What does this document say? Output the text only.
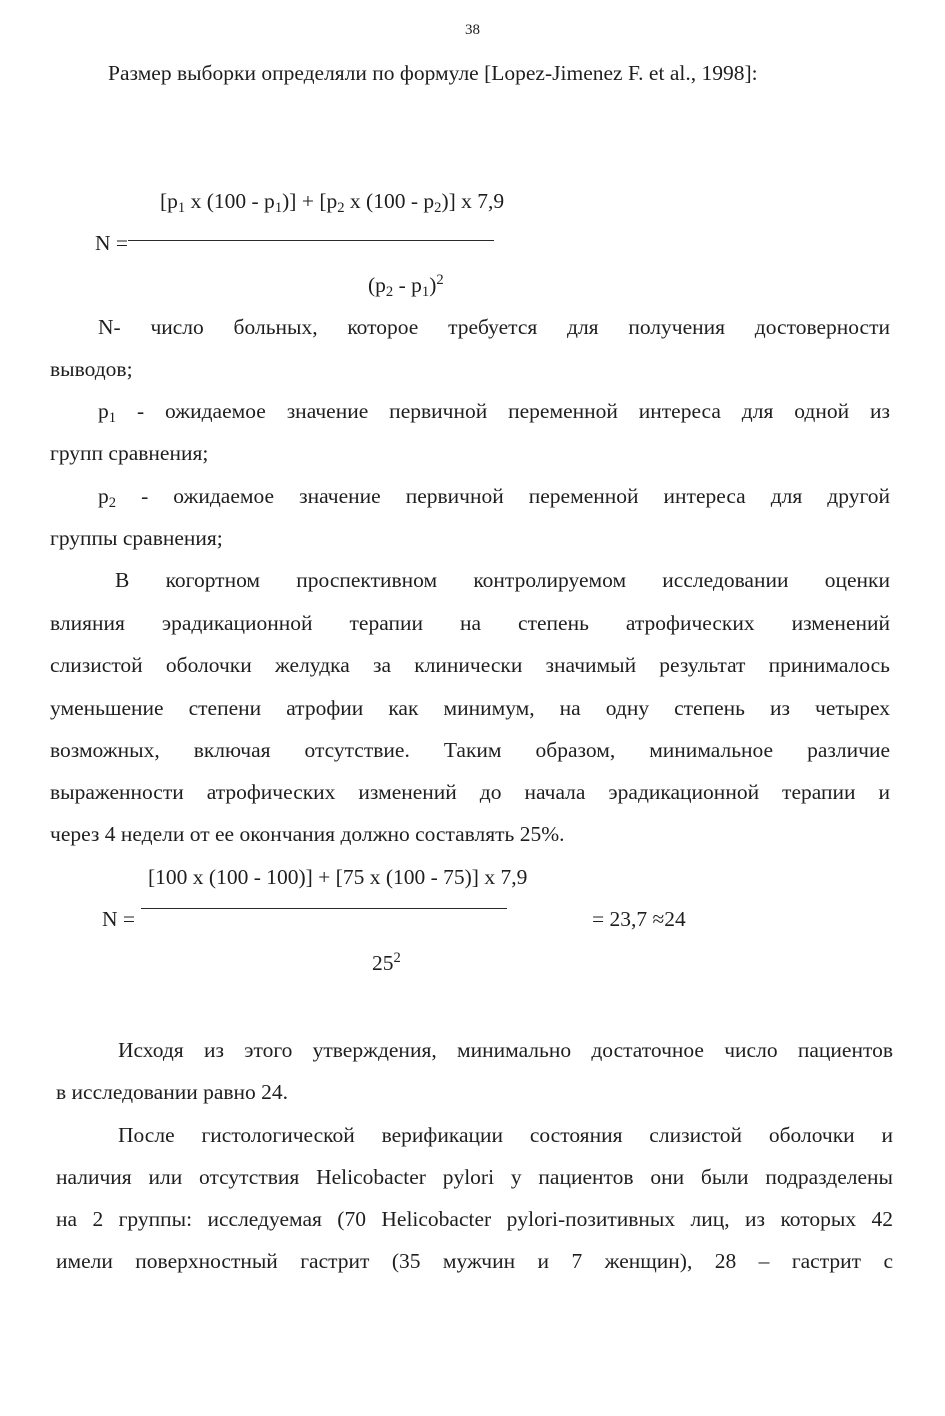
38
Размер выборки определяли по формуле [Lopez-Jimenez F. et al., 1998]:
[$p_1$ x $(100 - p_1)] + [p_2$ x $(100 - p_2)$] x 7,9
N =
$(p_2 - p_1)^2$
N- число больных, которое требуется для получения достоверности
выводов;
$p_1$ - ожидаемое значение первичной переменной интереса для одной из
групп сравнения;
$p_2$ - ожидаемое значение первичной переменной интереса для другой
группы сравнения;
В когортном проспективном контролируемом исследовании оценки
влияния эрадикационной терапии на степень атрофических изменений
слизистой оболочки желудка за клинически значимый результат принималось
уменьшение степени атрофии как минимум, на одну степень из четырех
возможных, включая отсутствие. Таким образом, минимальное различие
выраженности атрофических изменений до начала эрадикационной терапии и
через 4 недели от ее окончания должно составлять 25%.
[100 x (100 - 100)] + [75 x (100 - 75)] x 7,9
N =	= 23,7 ≈24
$25^2$
Исходя из этого утверждения, минимально достаточное число пациентов
в исследовании равно 24.
После гистологической верификации состояния слизистой оболочки и
наличия или отсутствия Helicobacter pylori у пациентов они были подразделены
на 2 группы: исследуемая (70 Helicobacter pylori-позитивных лиц, из которых 42
имели поверхностный гастрит (35 мужчин и 7 женщин), 28 – гастрит с
